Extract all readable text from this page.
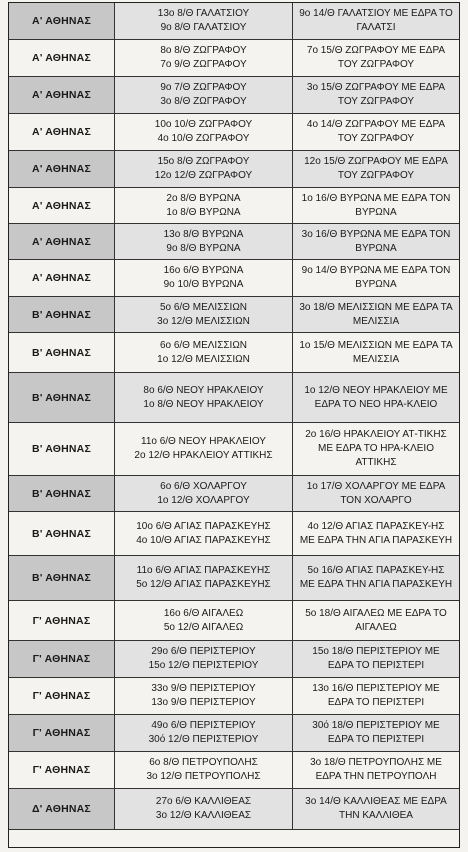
Α' ΑΘΗΝΑΣ
13ο 8/Θ ΓΑΛΑΤΣΙΟΥ
9ο 8/Θ ΓΑΛΑΤΣΙΟΥ
9ο 14/Θ ΓΑΛΑΤΣΙΟΥ ΜΕ ΕΔΡΑ ΤΟ ΓΑΛΑΤΣΙ
Α' ΑΘΗΝΑΣ
8ο 8/Θ ΖΩΓΡΑΦΟΥ
7ο 9/Θ ΖΩΓΡΑΦΟΥ
7ο 15/Θ ΖΩΓΡΑΦΟΥ ΜΕ ΕΔΡΑ ΤΟΥ ΖΩΓΡΑΦΟΥ
Α' ΑΘΗΝΑΣ
9ο 7/Θ ΖΩΓΡΑΦΟΥ
3ο 8/Θ ΖΩΓΡΑΦΟΥ
3ο 15/Θ ΖΩΓΡΑΦΟΥ ΜΕ ΕΔΡΑ ΤΟΥ ΖΩΓΡΑΦΟΥ
Α' ΑΘΗΝΑΣ
10ο 10/Θ ΖΩΓΡΑΦΟΥ
4ο 10/Θ ΖΩΓΡΑΦΟΥ
4ο 14/Θ ΖΩΓΡΑΦΟΥ ΜΕ ΕΔΡΑ ΤΟΥ ΖΩΓΡΑΦΟΥ
Α' ΑΘΗΝΑΣ
15ο 8/Θ ΖΩΓΡΑΦΟΥ
12ο 12/Θ ΖΩΓΡΑΦΟΥ
12ο 15/Θ ΖΩΓΡΑΦΟΥ ΜΕ ΕΔΡΑ ΤΟΥ ΖΩΓΡΑΦΟΥ
Α' ΑΘΗΝΑΣ
2ο 8/Θ ΒΥΡΩΝΑ
1ο 8/Θ ΒΥΡΩΝΑ
1ο 16/Θ ΒΥΡΩΝΑ ΜΕ ΕΔΡΑ ΤΟΝ ΒΥΡΩΝΑ
Α' ΑΘΗΝΑΣ
13ο 8/Θ ΒΥΡΩΝΑ
9ο 8/Θ ΒΥΡΩΝΑ
3ο 16/Θ ΒΥΡΩΝΑ ΜΕ ΕΔΡΑ ΤΟΝ ΒΥΡΩΝΑ
Α' ΑΘΗΝΑΣ
16ο 6/Θ ΒΥΡΩΝΑ
9ο 10/Θ ΒΥΡΩΝΑ
9ο 14/Θ ΒΥΡΩΝΑ ΜΕ ΕΔΡΑ ΤΟΝ ΒΥΡΩΝΑ
Β' ΑΘΗΝΑΣ
5ο 6/Θ ΜΕΛΙΣΣΙΩΝ
3ο 12/Θ ΜΕΛΙΣΣΙΩΝ
3ο 18/Θ ΜΕΛΙΣΣΙΩΝ ΜΕ ΕΔΡΑ ΤΑ ΜΕΛΙΣΣΙΑ
Β' ΑΘΗΝΑΣ
6ο 6/Θ ΜΕΛΙΣΣΙΩΝ
1ο 12/Θ ΜΕΛΙΣΣΙΩΝ
1ο 15/Θ ΜΕΛΙΣΣΙΩΝ ΜΕ ΕΔΡΑ ΤΑ ΜΕΛΙΣΣΙΑ
Β' ΑΘΗΝΑΣ
8ο 6/Θ ΝΕΟΥ ΗΡΑΚΛΕΙΟΥ
1ο 8/Θ ΝΕΟΥ ΗΡΑΚΛΕΙΟΥ
1ο 12/Θ ΝΕΟΥ ΗΡΑΚΛΕΙΟΥ ΜΕ ΕΔΡΑ ΤΟ ΝΕΟ ΗΡΑ-ΚΛΕΙΟ
Β' ΑΘΗΝΑΣ
11ο 6/Θ ΝΕΟΥ ΗΡΑΚΛΕΙΟΥ
2ο 12/Θ ΗΡΑΚΛΕΙΟΥ ΑΤΤΙΚΗΣ
2ο 16/Θ ΗΡΑΚΛΕΙΟΥ ΑΤ-ΤΙΚΗΣ ΜΕ ΕΔΡΑ ΤΟ ΗΡΑ-ΚΛΕΙΟ ΑΤΤΙΚΗΣ
Β' ΑΘΗΝΑΣ
6ο 6/Θ ΧΟΛΑΡΓΟΥ
1ο 12/Θ ΧΟΛΑΡΓΟΥ
1ο 17/Θ ΧΟΛΑΡΓΟΥ ΜΕ ΕΔΡΑ ΤΟΝ ΧΟΛΑΡΓΟ
Β' ΑΘΗΝΑΣ
10ο 6/Θ ΑΓΙΑΣ ΠΑΡΑΣΚΕΥΗΣ
4ο 10/Θ ΑΓΙΑΣ ΠΑΡΑΣΚΕΥΗΣ
4ο 12/Θ ΑΓΙΑΣ ΠΑΡΑΣΚΕΥ-ΗΣ ΜΕ ΕΔΡΑ ΤΗΝ ΑΓΙΑ ΠΑΡΑΣΚΕΥΗ
Β' ΑΘΗΝΑΣ
11ο 6/Θ ΑΓΙΑΣ ΠΑΡΑΣΚΕΥΗΣ
5ο 12/Θ ΑΓΙΑΣ ΠΑΡΑΣΚΕΥΗΣ
5ο 16/Θ ΑΓΙΑΣ ΠΑΡΑΣΚΕΥ-ΗΣ ΜΕ ΕΔΡΑ ΤΗΝ ΑΓΙΑ ΠΑΡΑΣΚΕΥΗ
Γ' ΑΘΗΝΑΣ
16ο 6/Θ ΑΙΓΑΛΕΩ
5ο 12/Θ ΑΙΓΑΛΕΩ
5ο 18/Θ ΑΙΓΑΛΕΩ ΜΕ ΕΔΡΑ ΤΟ ΑΙΓΑΛΕΩ
Γ' ΑΘΗΝΑΣ
29ο 6/Θ ΠΕΡΙΣΤΕΡΙΟΥ
15ο 12/Θ ΠΕΡΙΣΤΕΡΙΟΥ
15ο 18/Θ ΠΕΡΙΣΤΕΡΙΟΥ ΜΕ ΕΔΡΑ ΤΟ ΠΕΡΙΣΤΕΡΙ
Γ' ΑΘΗΝΑΣ
33ο 9/Θ ΠΕΡΙΣΤΕΡΙΟΥ
13ο 9/Θ ΠΕΡΙΣΤΕΡΙΟΥ
13ο 16/Θ ΠΕΡΙΣΤΕΡΙΟΥ ΜΕ ΕΔΡΑ ΤΟ ΠΕΡΙΣΤΕΡΙ
Γ' ΑΘΗΝΑΣ
49ο 6/Θ ΠΕΡΙΣΤΕΡΙΟΥ
30ό 12/Θ ΠΕΡΙΣΤΕΡΙΟΥ
30ό 18/Θ ΠΕΡΙΣΤΕΡΙΟΥ ΜΕ ΕΔΡΑ ΤΟ ΠΕΡΙΣΤΕΡΙ
Γ' ΑΘΗΝΑΣ
6ο 8/Θ ΠΕΤΡΟΥΠΟΛΗΣ
3ο 12/Θ ΠΕΤΡΟΥΠΟΛΗΣ
3ο 18/Θ ΠΕΤΡΟΥΠΟΛΗΣ ΜΕ ΕΔΡΑ ΤΗΝ ΠΕΤΡΟΥΠΟΛΗ
Δ' ΑΘΗΝΑΣ
27ο 6/Θ ΚΑΛΛΙΘΕΑΣ
3ο 12/Θ ΚΑΛΛΙΘΕΑΣ
3ο 14/Θ ΚΑΛΛΙΘΕΑΣ ΜΕ ΕΔΡΑ ΤΗΝ ΚΑΛΛΙΘΕΑ
